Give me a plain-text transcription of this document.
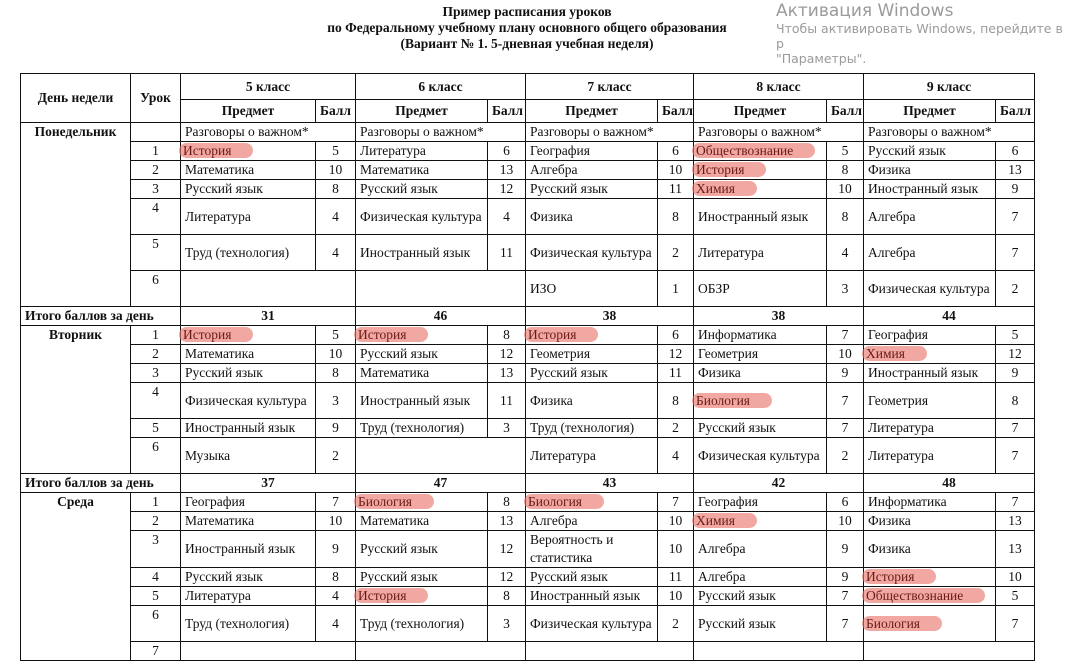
Пример расписания уроков
по Федеральному учебному плану основного общего образования
(Вариант № 1. 5-дневная учебная неделя)
День недели	Урок	5 класс		6 класс		7 класс		8 класс		9 класс	
		Предмет	Балл	Предмет	Балл	Предмет	Балл	Предмет	Балл	Предмет	Балл
Понедельник		Разговоры о важном*		Разговоры о важном*		Разговоры о важном*		Разговоры о важном*		Разговоры о важном*	
	1	История	5	Литература	6	География	6	Обществознание	5	Русский язык	6
	2	Математика	10	Математика	13	Алгебра	10	История	8	Физика	13
	3	Русский язык	8	Русский язык	12	Русский язык	11	Химия	10	Иностранный язык	9
	4	Литература	4	Физическая культура	4	Физика	8	Иностранный язык	8	Алгебра	7
	5	Труд (технология)	4	Иностранный язык	11	Физическая культура	2	Литература	4	Алгебра	7
	6					ИЗО	1	ОБЗР	3	Физическая культура	2
Итого баллов за день		31		46		38		38		44	
Вторник	1	История	5	История	8	История	6	Информатика	7	География	5
	2	Математика	10	Русский язык	12	Геометрия	12	Геометрия	10	Химия	12
	3	Русский язык	8	Математика	13	Русский язык	11	Физика	9	Иностранный язык	9
	4	Физическая культура	3	Иностранный язык	11	Физика	8	Биология	7	Геометрия	8
	5	Иностранный язык	9	Труд (технология)	3	Труд (технология)	2	Русский язык	7	Литература	7
	6	Музыка	2			Литература	4	Физическая культура	2	Литература	7
Итого баллов за день		37		47		43		42		48	
Среда	1	География	7	Биология	8	Биология	7	География	6	Информатика	7
	2	Математика	10	Математика	13	Алгебра	10	Химия	10	Физика	13
	3	Иностранный язык	9	Русский язык	12	Вероятность и статистика	10	Алгебра	9	Физика	13
	4	Русский язык	8	Русский язык	12	Русский язык	11	Алгебра	9	История	10
	5	Литература	4	История	8	Иностранный язык	10	Русский язык	7	Обществознание	5
	6	Труд (технология)	4	Труд (технология)	3	Физическая культура	2	Русский язык	7	Биология	7
	7										
Активация Windows
Чтобы активировать Windows, перейдите в р
"Параметры".
